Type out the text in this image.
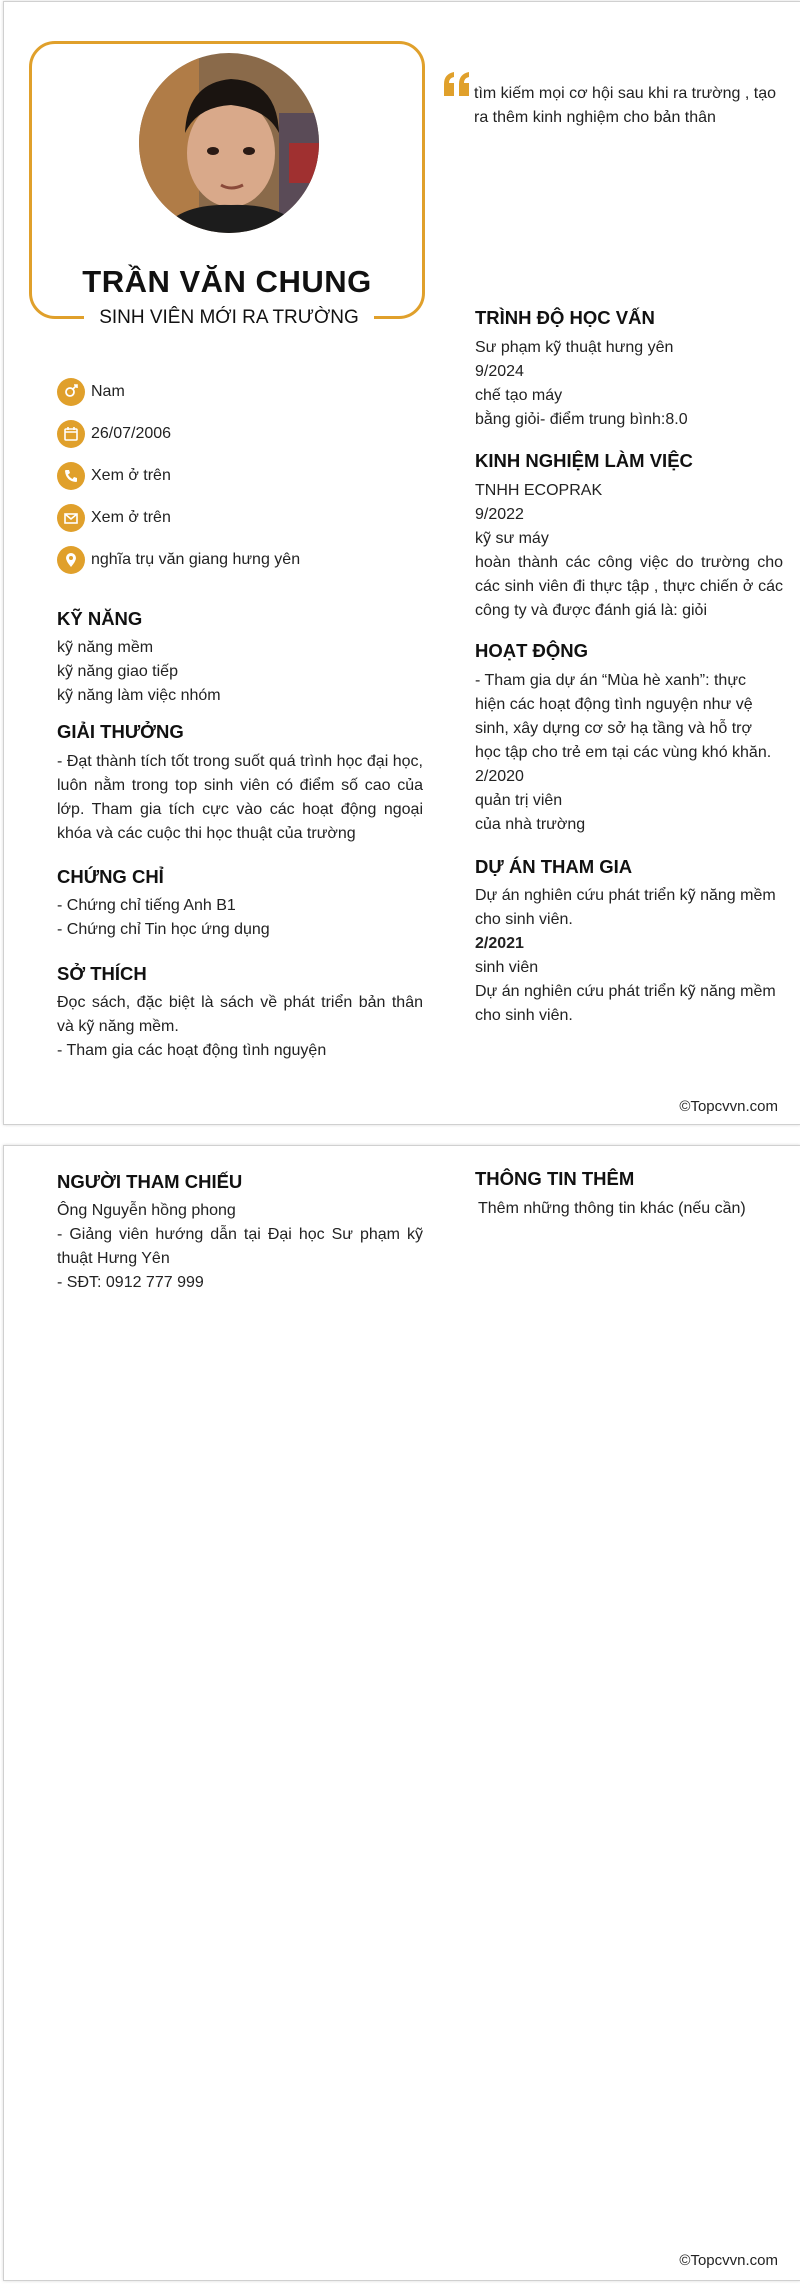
TRẦN VĂN CHUNG
SINH VIÊN MỚI RA TRƯỜNG
tìm kiếm mọi cơ hội sau khi ra trường , tạo ra thêm kinh nghiệm cho bản thân
Nam
26/07/2006
Xem ở trên
Xem ở trên
nghĩa trụ văn giang hưng yên
KỸ NĂNG
kỹ năng mềm
kỹ năng giao tiếp
kỹ năng làm việc nhóm
GIẢI THƯỞNG
- Đạt thành tích tốt trong suốt quá trình học đại học, luôn nằm trong top sinh viên có điểm số cao của lớp. Tham gia tích cực vào các hoạt động ngoại khóa và các cuộc thi học thuật của trường
CHỨNG CHỈ
- Chứng chỉ tiếng Anh B1
- Chứng chỉ Tin học ứng dụng
SỞ THÍCH
Đọc sách, đặc biệt là sách về phát triển bản thân và kỹ năng mềm.
- Tham gia các hoạt động tình nguyện
TRÌNH ĐỘ HỌC VẤN
Sư phạm kỹ thuật hưng yên
9/2024
chế tạo máy
bằng giỏi- điểm trung bình:8.0
KINH NGHIỆM LÀM VIỆC
TNHH ECOPRAK
9/2022
kỹ sư máy
hoàn thành các công việc do trường cho các sinh viên đi thực tập , thực chiến ở các công ty và được đánh giá là: giỏi
HOẠT ĐỘNG
- Tham gia dự án “Mùa hè xanh”: thực hiện các hoạt động tình nguyện như vệ sinh, xây dựng cơ sở hạ tầng và hỗ trợ học tập cho trẻ em tại các vùng khó khăn.
2/2020
quản trị viên
của nhà trường
DỰ ÁN THAM GIA
Dự án nghiên cứu phát triển kỹ năng mềm cho sinh viên.
2/2021
sinh viên
Dự án nghiên cứu phát triển kỹ năng mềm cho sinh viên.
©Topcvvn.com
NGƯỜI THAM CHIẾU
Ông Nguyễn hồng phong
- Giảng viên hướng dẫn tại Đại học Sư phạm kỹ thuật Hưng Yên
- SĐT: 0912 777 999
THÔNG TIN THÊM
Thêm những thông tin khác (nếu cần)
©Topcvvn.com
